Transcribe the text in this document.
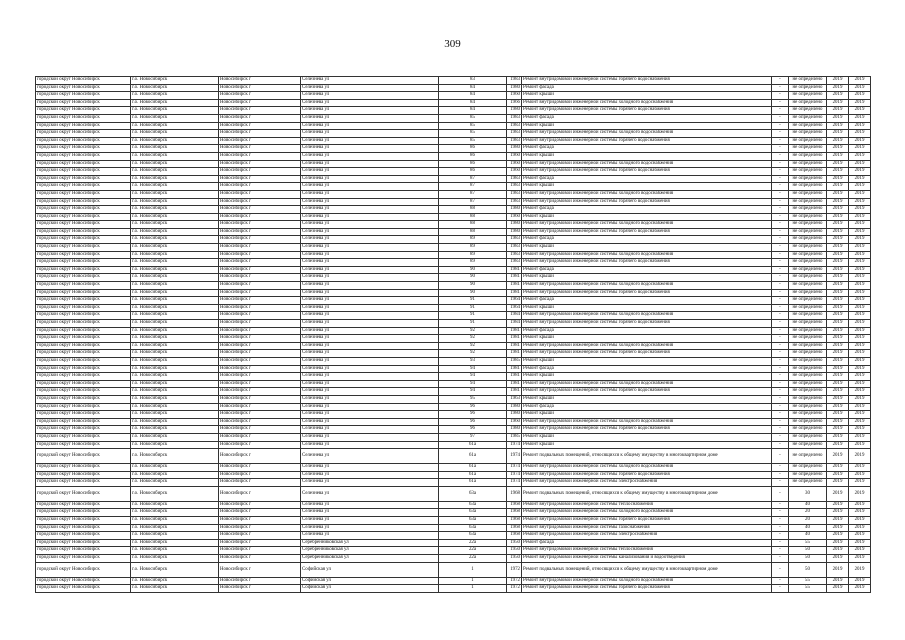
309
городской округ Новосибирск	г.о. Новосибирск	Новосибирск г	Селезнева ул	83	1983	Ремонт внутридомовой инженерной системы горячего водоснабжения	-	не определено	2019	2019
городской округ Новосибирск	г.о. Новосибирск	Новосибирск г	Селезнева ул	84	1980	Ремонт фасада	-	не определено	2019	2019
городской округ Новосибирск	г.о. Новосибирск	Новосибирск г	Селезнева ул	84	1960	Ремонт крыши	-	не определено	2019	2019
городской округ Новосибирск	г.о. Новосибирск	Новосибирск г	Селезнева ул	84	1966	Ремонт внутридомовой инженерной системы холодного водоснабжения	-	не определено	2019	2019
городской округ Новосибирск	г.о. Новосибирск	Новосибирск г	Селезнева ул	84	1980	Ремонт внутридомовой инженерной системы горячего водоснабжения	-	не определено	2019	2019
городской округ Новосибирск	г.о. Новосибирск	Новосибирск г	Селезнева ул	85	1983	Ремонт фасада	-	не определено	2019	2019
городской округ Новосибирск	г.о. Новосибирск	Новосибирск г	Селезнева ул	85	1983	Ремонт крыши	-	не определено	2019	2019
городской округ Новосибирск	г.о. Новосибирск	Новосибирск г	Селезнева ул	85	1983	Ремонт внутридомовой инженерной системы холодного водоснабжения	-	не определено	2019	2019
городской округ Новосибирск	г.о. Новосибирск	Новосибирск г	Селезнева ул	85	1983	Ремонт внутридомовой инженерной системы горячего водоснабжения	-	не определено	2019	2019
городской округ Новосибирск	г.о. Новосибирск	Новосибирск г	Селезнева ул	86	1980	Ремонт фасада	-	не определено	2019	2019
городской округ Новосибирск	г.о. Новосибирск	Новосибирск г	Селезнева ул	86	1960	Ремонт крыши	-	не определено	2019	2019
городской округ Новосибирск	г.о. Новосибирск	Новосибирск г	Селезнева ул	86	1960	Ремонт внутридомовой инженерной системы холодного водоснабжения	-	не определено	2019	2019
городской округ Новосибирск	г.о. Новосибирск	Новосибирск г	Селезнева ул	86	1960	Ремонт внутридомовой инженерной системы горячего водоснабжения	-	не определено	2019	2019
городской округ Новосибирск	г.о. Новосибирск	Новосибирск г	Селезнева ул	87	1983	Ремонт фасада	-	не определено	2019	2019
городской округ Новосибирск	г.о. Новосибирск	Новосибирск г	Селезнева ул	87	1983	Ремонт крыши	-	не определено	2019	2019
городской округ Новосибирск	г.о. Новосибирск	Новосибирск г	Селезнева ул	87	1983	Ремонт внутридомовой инженерной системы холодного водоснабжения	-	не определено	2019	2019
городской округ Новосибирск	г.о. Новосибирск	Новосибирск г	Селезнева ул	87	1983	Ремонт внутридомовой инженерной системы горячего водоснабжения	-	не определено	2019	2019
городской округ Новосибирск	г.о. Новосибирск	Новосибирск г	Селезнева ул	88	1980	Ремонт фасада	-	не определено	2019	2019
городской округ Новосибирск	г.о. Новосибирск	Новосибирск г	Селезнева ул	88	1960	Ремонт крыши	-	не определено	2019	2019
городской округ Новосибирск	г.о. Новосибирск	Новосибирск г	Селезнева ул	88	1980	Ремонт внутридомовой инженерной системы холодного водоснабжения	-	не определено	2019	2019
городской округ Новосибирск	г.о. Новосибирск	Новосибирск г	Селезнева ул	88	1980	Ремонт внутридомовой инженерной системы горячего водоснабжения	-	не определено	2019	2019
городской округ Новосибирск	г.о. Новосибирск	Новосибирск г	Селезнева ул	89	1983	Ремонт фасада	-	не определено	2019	2019
городской округ Новосибирск	г.о. Новосибирск	Новосибирск г	Селезнева ул	89	1983	Ремонт крыши	-	не определено	2019	2019
городской округ Новосибирск	г.о. Новосибирск	Новосибирск г	Селезнева ул	89	1983	Ремонт внутридомовой инженерной системы холодного водоснабжения	-	не определено	2019	2019
городской округ Новосибирск	г.о. Новосибирск	Новосибирск г	Селезнева ул	89	1983	Ремонт внутридомовой инженерной системы горячего водоснабжения	-	не определено	2019	2019
городской округ Новосибирск	г.о. Новосибирск	Новосибирск г	Селезнева ул	90	1981	Ремонт фасада	-	не определено	2019	2019
городской округ Новосибирск	г.о. Новосибирск	Новосибирск г	Селезнева ул	90	1981	Ремонт крыши	-	не определено	2019	2019
городской округ Новосибирск	г.о. Новосибирск	Новосибирск г	Селезнева ул	90	1981	Ремонт внутридомовой инженерной системы холодного водоснабжения	-	не определено	2019	2019
городской округ Новосибирск	г.о. Новосибирск	Новосибирск г	Селезнева ул	90	1981	Ремонт внутридомовой инженерной системы горячего водоснабжения	-	не определено	2019	2019
городской округ Новосибирск	г.о. Новосибирск	Новосибирск г	Селезнева ул	91	1964	Ремонт фасада	-	не определено	2019	2019
городской округ Новосибирск	г.о. Новосибирск	Новосибирск г	Селезнева ул	91	1964	Ремонт крыши	-	не определено	2019	2019
городской округ Новосибирск	г.о. Новосибирск	Новосибирск г	Селезнева ул	91	1984	Ремонт внутридомовой инженерной системы холодного водоснабжения	-	не определено	2019	2019
городской округ Новосибирск	г.о. Новосибирск	Новосибирск г	Селезнева ул	91	1984	Ремонт внутридомовой инженерной системы горячего водоснабжения	-	не определено	2019	2019
городской округ Новосибирск	г.о. Новосибирск	Новосибирск г	Селезнева ул	92	1981	Ремонт фасада	-	не определено	2019	2019
городской округ Новосибирск	г.о. Новосибирск	Новосибирск г	Селезнева ул	92	1981	Ремонт крыши	-	не определено	2019	2019
городской округ Новосибирск	г.о. Новосибирск	Новосибирск г	Селезнева ул	92	1981	Ремонт внутридомовой инженерной системы холодного водоснабжения	-	не определено	2019	2019
городской округ Новосибирск	г.о. Новосибирск	Новосибирск г	Селезнева ул	92	1981	Ремонт внутридомовой инженерной системы горячего водоснабжения	-	не определено	2019	2019
городской округ Новосибирск	г.о. Новосибирск	Новосибирск г	Селезнева ул	93	1985	Ремонт крыши	-	не определено	2019	2019
городской округ Новосибирск	г.о. Новосибирск	Новосибирск г	Селезнева ул	94	1981	Ремонт фасада	-	не определено	2019	2019
городской округ Новосибирск	г.о. Новосибирск	Новосибирск г	Селезнева ул	94	1981	Ремонт крыши	-	не определено	2019	2019
городской округ Новосибирск	г.о. Новосибирск	Новосибирск г	Селезнева ул	94	1981	Ремонт внутридомовой инженерной системы холодного водоснабжения	-	не определено	2019	2019
городской округ Новосибирск	г.о. Новосибирск	Новосибирск г	Селезнева ул	94	1981	Ремонт внутридомовой инженерной системы горячего водоснабжения	-	не определено	2019	2019
городской округ Новосибирск	г.о. Новосибирск	Новосибирск г	Селезнева ул	95	1963	Ремонт крыши	-	не определено	2019	2019
городской округ Новосибирск	г.о. Новосибирск	Новосибирск г	Селезнева ул	96	1980	Ремонт фасада	-	не определено	2019	2019
городской округ Новосибирск	г.о. Новосибирск	Новосибирск г	Селезнева ул	96	1980	Ремонт крыши	-	не определено	2019	2019
городской округ Новосибирск	г.о. Новосибирск	Новосибирск г	Селезнева ул	96	1960	Ремонт внутридомовой инженерной системы холодного водоснабжения	-	не определено	2019	2019
городской округ Новосибирск	г.о. Новосибирск	Новосибирск г	Селезнева ул	96	1980	Ремонт внутридомовой инженерной системы горячего водоснабжения	-	не определено	2019	2019
городской округ Новосибирск	г.о. Новосибирск	Новосибирск г	Селезнева ул	97	1985	Ремонт крыши	-	не определено	2019	2019
городской округ Новосибирск	г.о. Новосибирск	Новосибирск г	Селезнева ул	61а	1974	Ремонт крыши	-	не определено	2019	2019
городской округ Новосибирск	г.о. Новосибирск	Новосибирск г	Селезнева ул	61а	1974	Ремонт подвальных помещений, относящихся к общему имуществу в многоквартирном доме	-	не определено	2019	2019
городской округ Новосибирск	г.о. Новосибирск	Новосибирск г	Селезнева ул	61а	1974	Ремонт внутридомовой инженерной системы холодного водоснабжения	-	не определено	2019	2019
городской округ Новосибирск	г.о. Новосибирск	Новосибирск г	Селезнева ул	61а	1974	Ремонт внутридомовой инженерной системы горячего водоснабжения	-	не определено	2019	2019
городской округ Новосибирск	г.о. Новосибирск	Новосибирск г	Селезнева ул	61а	1974	Ремонт внутридомовой инженерной системы электроснабжения	-	не определено	2019	2019
городской округ Новосибирск	г.о. Новосибирск	Новосибирск г	Селезнева ул	63а	1968	Ремонт подвальных помещений, относящихся к общему имуществу в многоквартирном доме	-	30	2019	2019
городской округ Новосибирск	г.о. Новосибирск	Новосибирск г	Селезнева ул	63а	1968	Ремонт внутридомовой инженерной системы теплоснабжения	-	40	2019	2019
городской округ Новосибирск	г.о. Новосибирск	Новосибирск г	Селезнева ул	63а	1968	Ремонт внутридомовой инженерной системы холодного водоснабжения	-	20	2019	2019
городской округ Новосибирск	г.о. Новосибирск	Новосибирск г	Селезнева ул	63а	1968	Ремонт внутридомовой инженерной системы горячего водоснабжения	-	20	2019	2019
городской округ Новосибирск	г.о. Новосибирск	Новосибирск г	Селезнева ул	63а	1968	Ремонт внутридомовой инженерной системы газоснабжения	-	40	2019	2019
городской округ Новосибирск	г.о. Новосибирск	Новосибирск г	Селезнева ул	63а	1968	Ремонт внутридомовой инженерной системы электроснабжения	-	40	2019	2019
городской округ Новосибирск	г.о. Новосибирск	Новосибирск г	Серебренниковская ул	22а	1950	Ремонт фасада	-	55	2019	2019
городской округ Новосибирск	г.о. Новосибирск	Новосибирск г	Серебренниковская ул	22а	1950	Ремонт внутридомовой инженерной системы теплоснабжения	-	50	2019	2019
городской округ Новосибирск	г.о. Новосибирск	Новосибирск г	Серебренниковская ул	22а	1950	Ремонт внутридомовой инженерной системы канализования и водоотведения	-	50	2019	2019
городской округ Новосибирск	г.о. Новосибирск	Новосибирск г	Софийская ул	1	1972	Ремонт подвальных помещений, относящихся к общему имуществу в многоквартирном доме	-	50	2019	2019
городской округ Новосибирск	г.о. Новосибирск	Новосибирск г	Софийская ул	1	1972	Ремонт внутридомовой инженерной системы холодного водоснабжения	-	55	2019	2019
городской округ Новосибирск	г.о. Новосибирск	Новосибирск г	Софийская ул	1	1972	Ремонт внутридомовой инженерной системы горячего водоснабжения	-	55	2019	2019
